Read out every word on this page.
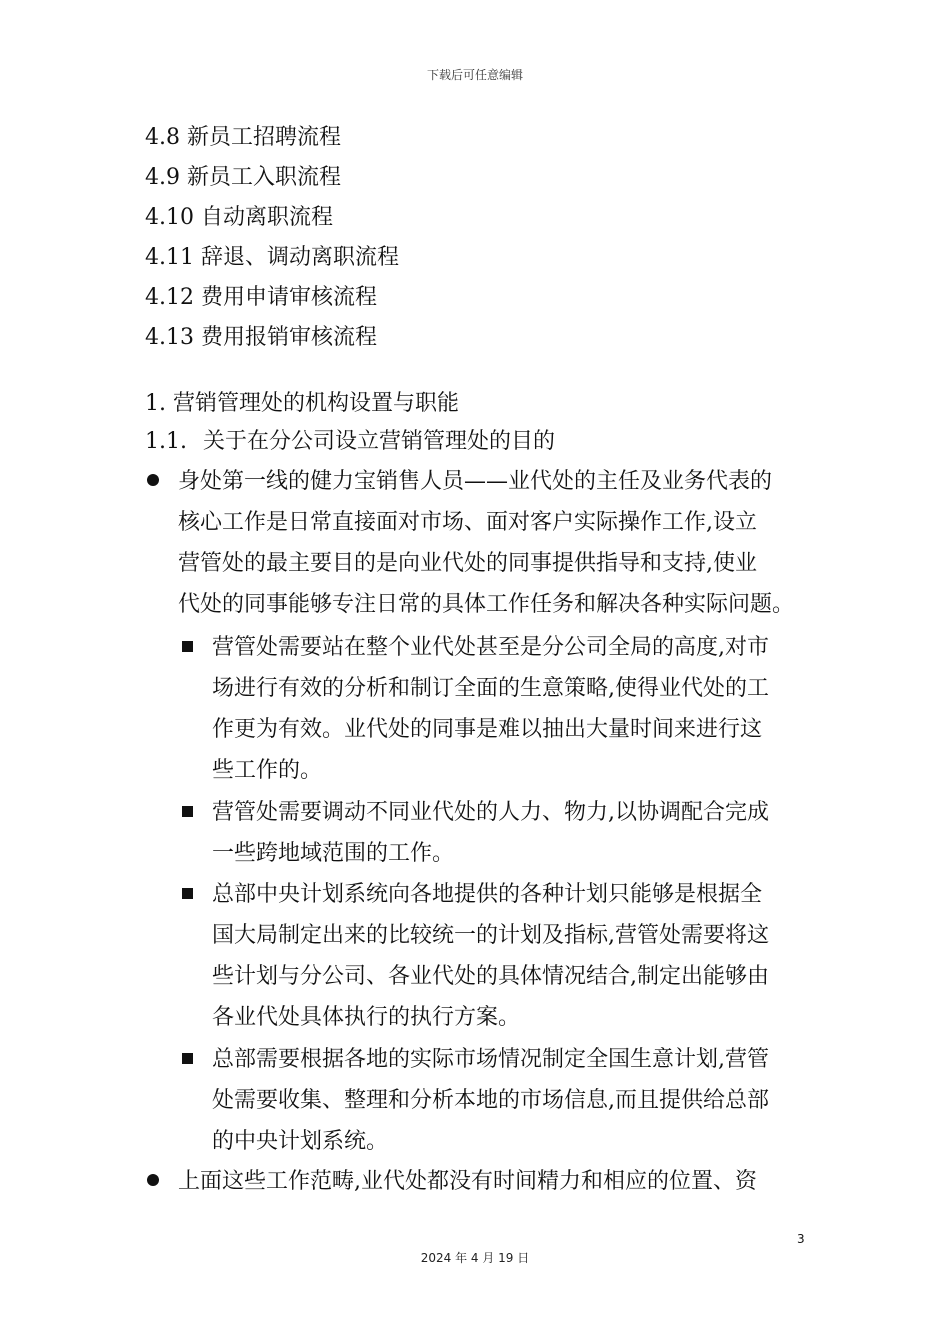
下载后可任意编辑
4.8 新员工招聘流程
4.9 新员工入职流程
4.10 自动离职流程
4.11 辞退、调动离职流程
4.12 费用申请审核流程
4.13 费用报销审核流程
1. 营销管理处的机构设置与职能
1.1. 关于在分公司设立营销管理处的目的
身处第一线的健力宝销售人员——业代处的主任及业务代表的
核心工作是日常直接面对市场、面对客户实际操作工作,设立
营管处的最主要目的是向业代处的同事提供指导和支持,使业
代处的同事能够专注日常的具体工作任务和解决各种实际问题。
营管处需要站在整个业代处甚至是分公司全局的高度,对市
场进行有效的分析和制订全面的生意策略,使得业代处的工
作更为有效。业代处的同事是难以抽出大量时间来进行这
些工作的。
营管处需要调动不同业代处的人力、物力,以协调配合完成
一些跨地域范围的工作。
总部中央计划系统向各地提供的各种计划只能够是根据全
国大局制定出来的比较统一的计划及指标,营管处需要将这
些计划与分公司、各业代处的具体情况结合,制定出能够由
各业代处具体执行的执行方案。
总部需要根据各地的实际市场情况制定全国生意计划,营管
处需要收集、整理和分析本地的市场信息,而且提供给总部
的中央计划系统。
上面这些工作范畴,业代处都没有时间精力和相应的位置、资
3
2024 年 4 月 19 日
